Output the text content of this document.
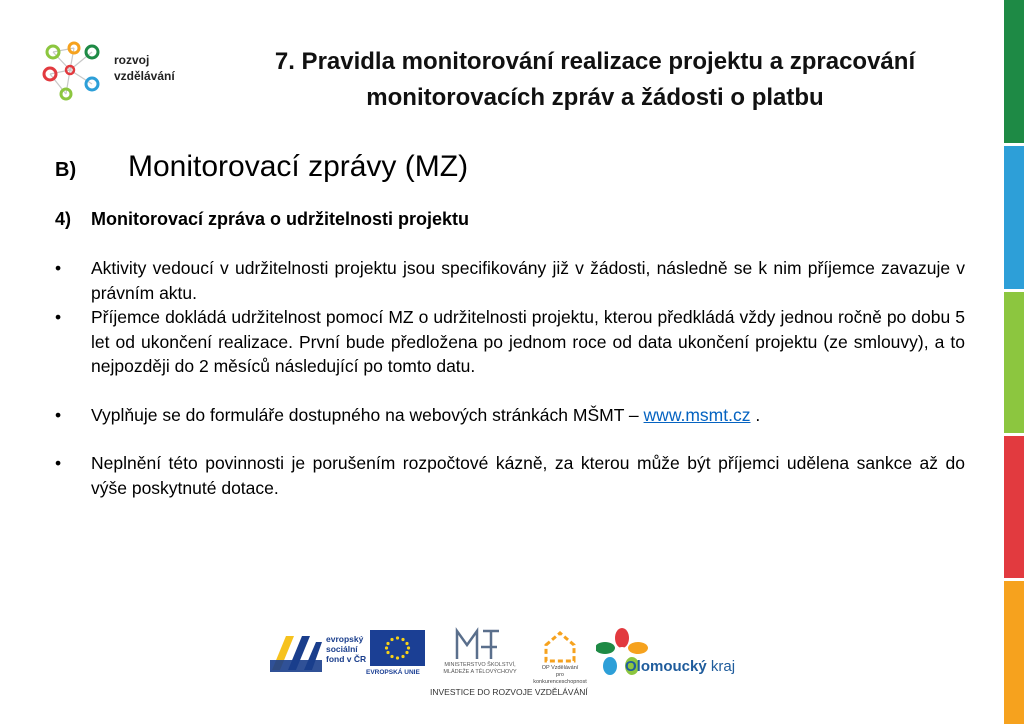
rozvoj
vzdělávání
7. Pravidla monitorování realizace projektu a zpracování
monitorovacích zpráv a žádosti o platbu
B) Monitorovací zprávy (MZ)
4) Monitorovací zpráva o udržitelnosti projektu
• Aktivity vedoucí v udržitelnosti projektu jsou specifikovány již v žádosti, následně se k nim příjemce zavazuje v právním aktu.
• Příjemce dokládá udržitelnost pomocí MZ o udržitelnosti projektu, kterou předkládá vždy jednou ročně po dobu 5 let od ukončení realizace. První bude předložena po jednom roce od data ukončení projektu (ze smlouvy), a to nejpozději do 2 měsíců následující po tomto datu.
• Vyplňuje se do formuláře dostupného na webových stránkách MŠMT – www.msmt.cz .
• Neplnění této povinnosti je porušením rozpočtové kázně, za kterou může být příjemci udělena sankce až do výše poskytnuté dotace.
evropský
sociální
fond v ČR
EVROPSKÁ UNIE
MINISTERSTVO ŠKOLSTVÍ,
MLÁDEŽE A TĚLOVÝCHOVY
OP Vzdělávání
pro konkurenceschopnost
Olomoucký kraj
INVESTICE DO ROZVOJE VZDĚLÁVÁNÍ
